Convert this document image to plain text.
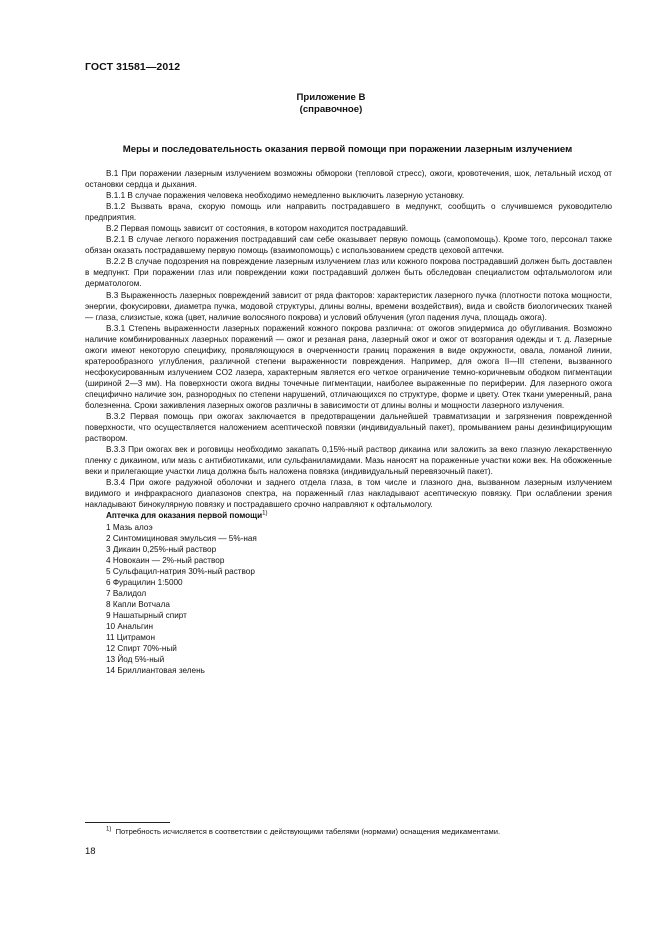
ГОСТ 31581—2012
Приложение В
(справочное)
Меры и последовательность оказания первой помощи при поражении лазерным излучением

В.1 При поражении лазерным излучением возможны обмороки (тепловой стресс), ожоги, кровотечения, шок, летальный исход от остановки сердца и дыхания.

В.1.1 В случае поражения человека необходимо немедленно выключить лазерную установку.

В.1.2 Вызвать врача, скорую помощь или направить пострадавшего в медпункт, сообщить о случившемся руководителю предприятия.

В.2 Первая помощь зависит от состояния, в котором находится пострадавший.

В.2.1 В случае легкого поражения пострадавший сам себе оказывает первую помощь (самопомощь). Кроме того, персонал также обязан оказать пострадавшему первую помощь (взаимопомощь) с использованием средств цеховой аптечки.

В.2.2 В случае подозрения на повреждение лазерным излучением глаз или кожного покрова пострадавший должен быть доставлен в медпункт. При поражении глаз или повреждении кожи пострадавший должен быть обследован специалистом офтальмологом или дерматологом.

В.3 Выраженность лазерных повреждений зависит от ряда факторов: характеристик лазерного пучка (плотности потока мощности, энергии, фокусировки, диаметра пучка, модовой структуры, длины волны, времени воздействия), вида и свойств биологических тканей — глаза, слизистые, кожа (цвет, наличие волосяного покрова) и условий облучения (угол падения луча, площадь ожога).

В.3.1 Степень выраженности лазерных поражений кожного покрова различна: от ожогов эпидермиса до обугливания. Возможно наличие комбинированных лазерных поражений — ожог и резаная рана, лазерный ожог и ожог от возгорания одежды и т. д. Лазерные ожоги имеют некоторую специфику, проявляющуюся в очерченности границ поражения в виде окружности, овала, ломаной линии, кратерообразного углубления, различной степени выраженности повреждения. Например, для ожога II—III степени, вызванного несфокусированным излучением CO2 лазера, характерным является его четкое ограничение темно-коричневым ободком пигментации (шириной 2—3 мм). На поверхности ожога видны точечные пигментации, наиболее выраженные по периферии. Для лазерного ожога специфично наличие зон, разнородных по степени нарушений, отличающихся по структуре, форме и цвету. Отек ткани умеренный, рана болезненна. Сроки заживления лазерных ожогов различны в зависимости от длины волны и мощности лазерного излучения.

В.3.2 Первая помощь при ожогах заключается в предотвращении дальнейшей травматизации и загрязнения поврежденной поверхности, что осуществляется наложением асептической повязки (индивидуальный пакет), промыванием раны дезинфицирующим раствором.

В.3.3 При ожогах век и роговицы необходимо закапать 0,15%-ный раствор дикаина или заложить за веко глазную лекарственную пленку с дикаином, или мазь с антибиотиками, или сульфаниламидами. Мазь наносят на пораженные участки кожи век. На обожженные веки и прилегающие участки лица должна быть наложена повязка (индивидуальный перевязочный пакет).

В.3.4 При ожоге радужной оболочки и заднего отдела глаза, в том числе и глазного дна, вызванном лазерным излучением видимого и инфракрасного диапазонов спектра, на пораженный глаз накладывают асептическую повязку. При ослаблении зрения накладывают бинокулярную повязку и пострадавшего срочно направляют к офтальмологу.

Аптечка для оказания первой помощи$^{1)}$
1 Мазь алоэ
2 Синтомициновая эмульсия — 5%-ная
3 Дикаин 0,25%-ный раствор
4 Новокаин — 2%-ный раствор
5 Сульфацил-натрия 30%-ный раствор
6 Фурацилин 1:5000
7 Валидол
8 Капли Вотчала
9 Нашатырный спирт
10 Анальгин
11 Цитрамон
12 Спирт 70%-ный
13 Йод 5%-ный
14 Бриллиантовая зелень
$^{1)}$ Потребность исчисляется в соответствии с действующими табелями (нормами) оснащения медикаментами.
18
